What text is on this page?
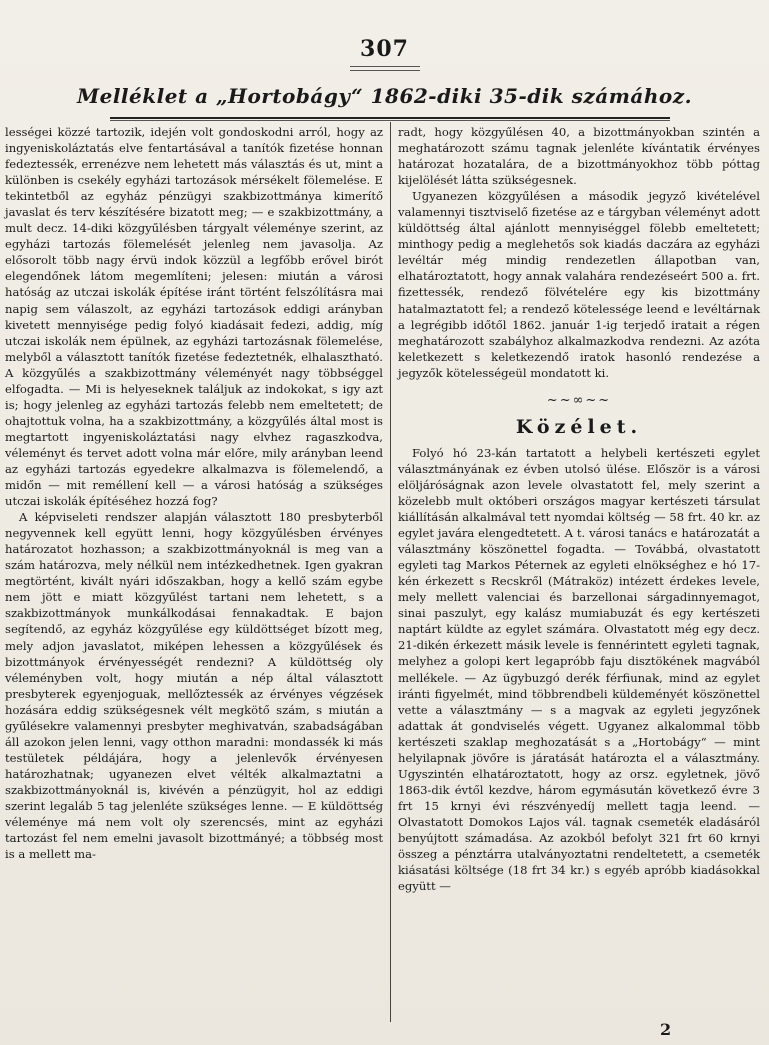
307
Melléklet a „Hortobágy“ 1862-diki 35-dik számához.

lességei közzé tartozik, idején volt gondoskodni arról, hogy az ingyeniskoláztatás elve fentartásával a tanítók fizetése honnan fedeztessék, errenézve nem lehetett más választás és ut, mint a különben is csekély egyházi tartozások mérsékelt fölemelése. E tekintetből az egyház pénzügyi szakbizottmánya kimerítő javaslat és terv készítésére bizatott meg; — e szakbizottmány, a mult decz. 14-diki közgyűlésben tárgyalt véleménye szerint, az egyházi tartozás fölemelését jelenleg nem javasolja. Az elősorolt több nagy érvü indok közzül a legfőbb erővel birót elegendőnek látom megemlíteni; jelesen: miután a városi hatóság az utczai iskolák építése iránt történt felszólításra mai napig sem válaszolt, az egyházi tartozások eddigi arányban kivetett mennyisége pedig folyó kiadásait fedezi, addig, míg utczai iskolák nem épülnek, az egyházi tartozásnak fölemelése, melyből a választott tanítók fizetése fedeztetnék, elhalasztható. A közgyűlés a szakbizottmány véleményét nagy többséggel elfogadta. — Mi is helyeseknek találjuk az indokokat, s igy azt is; hogy jelenleg az egyházi tartozás felebb nem emeltetett; de ohajtottuk volna, ha a szakbizottmány, a közgyűlés által most is megtartott ingyeniskoláztatási nagy elvhez ragaszkodva, véleményt és tervet adott volna már előre, mily arányban leend az egyházi tartozás egyedekre alkalmazva is fölemelendő, a midőn — mit reméllení kell — a városi hatóság a szükséges utczai iskolák építéséhez hozzá fog?

A képviseleti rendszer alapján választott 180 presbyterből negyvennek kell együtt lenni, hogy közgyűlésben érvényes határozatot hozhasson; a szakbizottmányoknál is meg van a szám határozva, mely nélkül nem intézkedhetnek. Igen gyakran megtörtént, kivált nyári időszakban, hogy a kellő szám egybe nem jött e miatt közgyűlést tartani nem lehetett, s a szakbizottmányok munkálkodásai fennakadtak. E bajon segítendő, az egyház közgyűlése egy küldöttséget bízott meg, mely adjon javaslatot, miképen lehessen a közgyűlések és bizottmányok érvényességét rendezni? A küldöttség oly véleményben volt, hogy miután a nép által választott presbyterek egyenjoguak, mellőztessék az érvényes végzések hozására eddig szükségesnek vélt megkötő szám, s miután a gyűlésekre valamennyi presbyter meghivatván, szabadságában áll azokon jelen lenni, vagy otthon maradni: mondassék ki más testületek példájára, hogy a jelenlevők érvényesen határozhatnak; ugyanezen elvet vélték alkalmaztatni a szakbizottmányoknál is, kivévén a pénzügyit, hol az eddigi szerint legaláb 5 tag jelenléte szükséges lenne. — E küldöttség véleménye má nem volt oly szerencsés, mint az egyházi tartozást fel nem emelni javasolt bizottmányé; a többség most is a mellett ma-

radt, hogy közgyűlésen 40, a bizottmányokban szintén a meghatározott számu tagnak jelenléte kívántatik érvényes határozat hozatalára, de a bizottmányokhoz több póttag kijelölését látta szükségesnek.

Ugyanezen közgyűlésen a második jegyző kivételével valamennyi tisztviselő fizetése az e tárgyban véleményt adott küldöttség által ajánlott mennyiséggel fölebb emeltetett; minthogy pedig a meglehetős sok kiadás daczára az egyházi levéltár még mindig rendezetlen állapotban van, elhatároztatott, hogy annak valahára rendezéseért 500 a. frt. fizettessék, rendező fölvételére egy kis bizottmány hatalmaztatott fel; a rendező kötelessége leend e levéltárnak a legrégibb időtől 1862. január 1-ig terjedő iratait a régen meghatározott szabályhoz alkalmazkodva rendezni. Az azóta keletkezett s keletkezendő iratok hasonló rendezése a jegyzők kötelességeül mondatott ki.

~~∞~~
Közélet.

Folyó hó 23-kán tartatott a helybeli kertészeti egylet választmányának ez évben utolsó ülése. Először is a városi elöljáróságnak azon levele olvastatott fel, mely szerint a közelebb mult októberi országos magyar kertészeti társulat kiállításán alkalmával tett nyomdai költség — 58 frt. 40 kr. az egylet javára elengedtetett. A t. városi tanács e határozatát a választmány köszönettel fogadta. — Továbbá, olvastatott egyleti tag Markos Péternek az egyleti elnökséghez e hó 17-kén érkezett s Recskről (Mátraköz) intézett érdekes levele, mely mellett valenciai és barzellonai sárgadinnyemagot, sinai paszulyt, egy kalász mumiabuzát és egy kertészeti naptárt küldte az egylet számára. Olvastatott még egy decz. 21-dikén érkezett másik levele is fennérintett egyleti tagnak, melyhez a golopi kert legapróbb faju disztökének magvából mellékele. — Az ügybuzgó derék férfiunak, mind az egylet iránti figyelmét, mind többrendbeli küldeményét köszönettel vette a választmány — s a magvak az egyleti jegyzőnek adattak át gondviselés végett. Ugyanez alkalommal több kertészeti szaklap meghozatását s a „Hortobágy“ — mint helyilapnak jövőre is járatását határozta el a választmány. Ugyszintén elhatároztatott, hogy az orsz. egyletnek, jövő 1863-dik évtől kezdve, három egymásután következő évre 3 frt 15 krnyi évi részvényedíj mellett tagja leend. — Olvastatott Domokos Lajos vál. tagnak csemeték eladásáról benyújtott számadása. Az azokból befolyt 321 frt 60 krnyi összeg a pénztárra utalványoztatni rendeltetett, a csemeték kiásatási költsége (18 frt 34 kr.) s egyéb apróbb kiadásokkal együtt —

2
